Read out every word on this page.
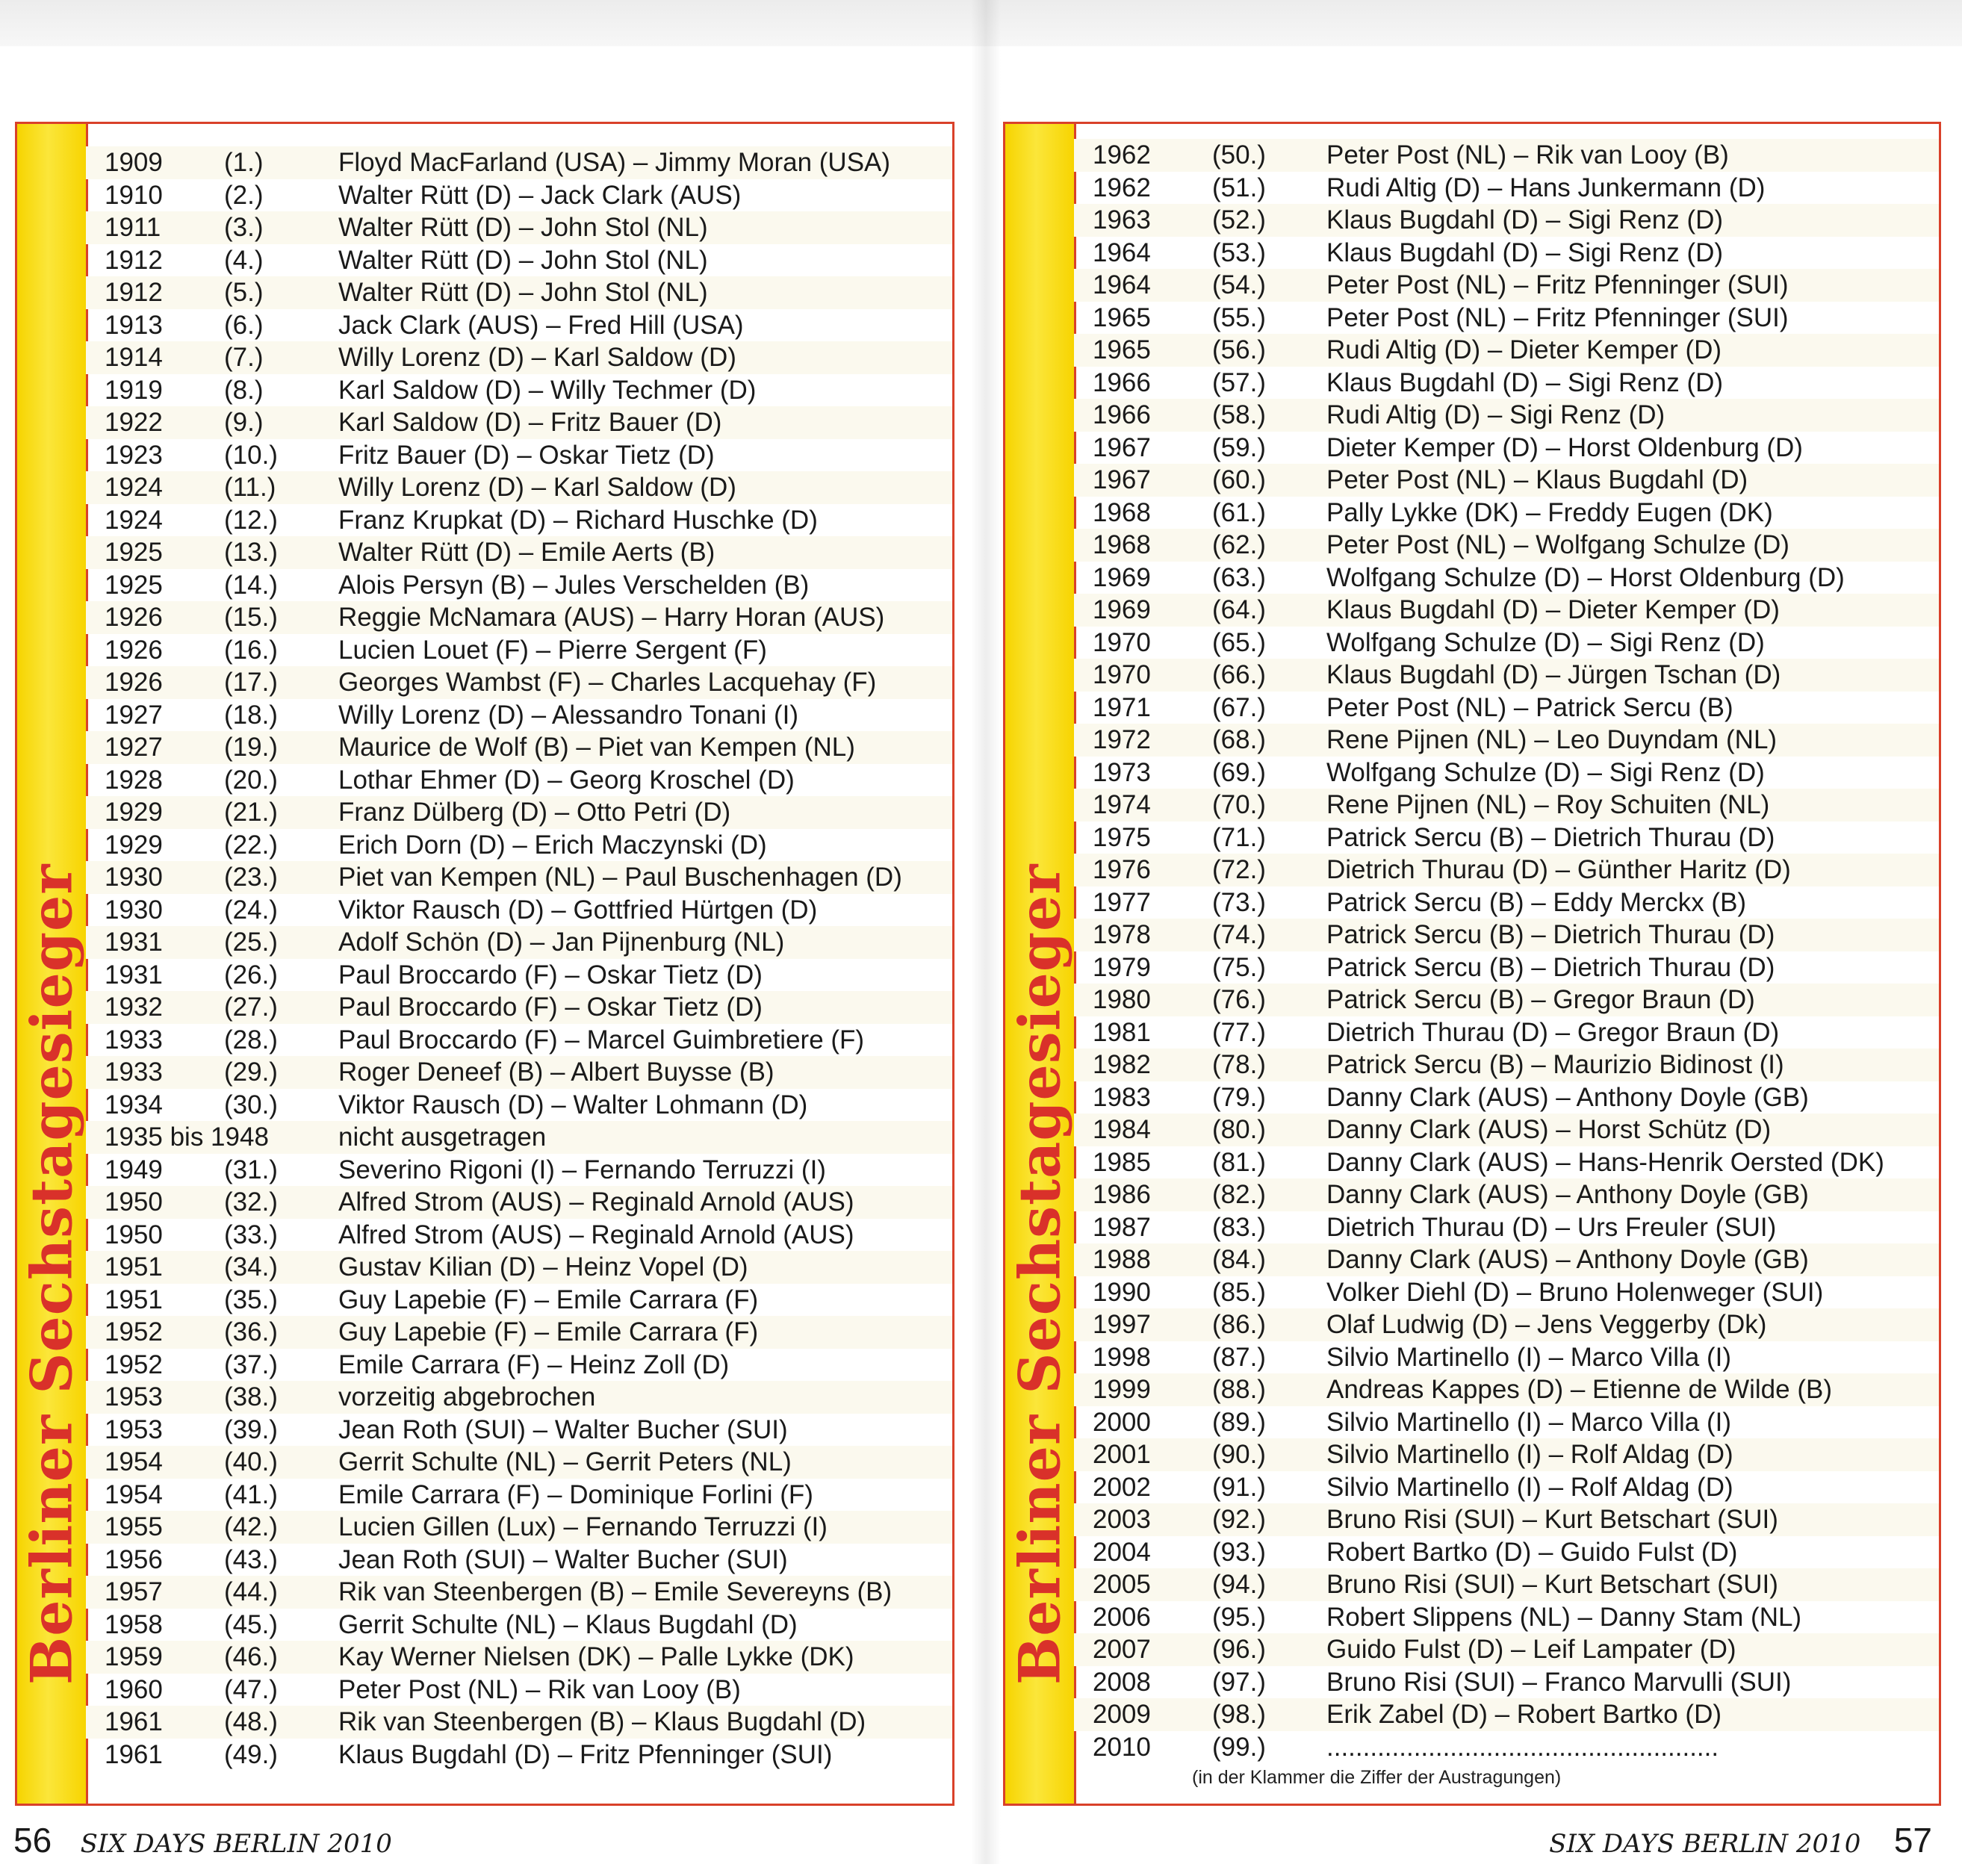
Berliner Sechstagesieger
1909 (1.)	Floyd MacFarland (USA) – Jimmy Moran (USA)
1910 (2.)	Walter Rütt (D) – Jack Clark (AUS)
1911 (3.)	Walter Rütt (D) – John Stol (NL)
1912 (4.)	Walter Rütt (D) – John Stol (NL)
1912 (5.)	Walter Rütt (D) – John Stol (NL)
1913 (6.)	Jack Clark (AUS) – Fred Hill (USA)
1914 (7.)	Willy Lorenz (D) – Karl Saldow (D)
1919 (8.)	Karl Saldow (D) – Willy Techmer (D)
1922 (9.)	Karl Saldow (D) – Fritz Bauer (D)
1923 (10.) Fritz Bauer (D) – Oskar Tietz (D)
1924 (11.) Willy Lorenz (D) – Karl Saldow (D)
1924 (12.) Franz Krupkat (D) – Richard Huschke (D)
1925 (13.) Walter Rütt (D) – Emile Aerts (B)
1925 (14.) Alois Persyn (B) – Jules Verschelden (B)
1926 (15.) Reggie McNamara (AUS) – Harry Horan (AUS)
1926 (16.) Lucien Louet (F) – Pierre Sergent (F)
1926 (17.) Georges Wambst (F) – Charles Lacquehay (F)
1927 (18.) Willy Lorenz (D) – Alessandro Tonani (I)
1927 (19.) Maurice de Wolf (B) – Piet van Kempen (NL)
1928 (20.) Lothar Ehmer (D) – Georg Kroschel (D)
1929 (21.) Franz Dülberg (D) – Otto Petri (D)
1929 (22.) Erich Dorn (D) – Erich Maczynski (D)
1930 (23.) Piet van Kempen (NL) – Paul Buschenhagen (D)
1930 (24.) Viktor Rausch (D) – Gottfried Hürtgen (D)
1931 (25.) Adolf Schön (D) – Jan Pijnenburg (NL)
1931 (26.) Paul Broccardo (F) – Oskar Tietz (D)
1932 (27.) Paul Broccardo (F) – Oskar Tietz (D)
1933 (28.) Paul Broccardo (F) – Marcel Guimbretiere (F)
1933 (29.) Roger Deneef (B) – Albert Buysse (B)
1934 (30.) Viktor Rausch (D) – Walter Lohmann (D)
1935 bis 1948	nicht ausgetragen
1949 (31.) Severino Rigoni (I) – Fernando Terruzzi (I)
1950 (32.) Alfred Strom (AUS) – Reginald Arnold (AUS)
1950 (33.) Alfred Strom (AUS) – Reginald Arnold (AUS)
1951 (34.) Gustav Kilian (D) – Heinz Vopel (D)
1951 (35.) Guy Lapebie (F) – Emile Carrara (F)
1952 (36.) Guy Lapebie (F) – Emile Carrara (F)
1952 (37.) Emile Carrara (F) – Heinz Zoll (D)
1953 (38.) vorzeitig abgebrochen
1953 (39.) Jean Roth (SUI) – Walter Bucher (SUI)
1954 (40.) Gerrit Schulte (NL) – Gerrit Peters (NL)
1954 (41.) Emile Carrara (F) – Dominique Forlini (F)
1955 (42.) Lucien Gillen (Lux) – Fernando Terruzzi (I)
1956 (43.) Jean Roth (SUI) – Walter Bucher (SUI)
1957 (44.) Rik van Steenbergen (B) – Emile Severeyns (B)
1958 (45.) Gerrit Schulte (NL) – Klaus Bugdahl (D)
1959 (46.) Kay Werner Nielsen (DK) – Palle Lykke (DK)
1960 (47.) Peter Post (NL) – Rik van Looy (B)
1961 (48.) Rik van Steenbergen (B) – Klaus Bugdahl (D)
1961 (49.) Klaus Bugdahl (D) – Fritz Pfenninger (SUI)
Berliner Sechstagesieger
1962 (50.) Peter Post (NL) – Rik van Looy (B)
1962 (51.) Rudi Altig (D) – Hans Junkermann (D)
1963 (52.) Klaus Bugdahl (D) – Sigi Renz (D)
1964 (53.) Klaus Bugdahl (D) – Sigi Renz (D)
1964 (54.) Peter Post (NL) – Fritz Pfenninger (SUI)
1965 (55.) Peter Post (NL) – Fritz Pfenninger (SUI)
1965 (56.) Rudi Altig (D) – Dieter Kemper (D)
1966 (57.) Klaus Bugdahl (D) – Sigi Renz (D)
1966 (58.) Rudi Altig (D) – Sigi Renz (D)
1967 (59.) Dieter Kemper (D) – Horst Oldenburg (D)
1967 (60.) Peter Post (NL) – Klaus Bugdahl (D)
1968 (61.) Pally Lykke (DK) – Freddy Eugen (DK)
1968 (62.) Peter Post (NL) – Wolfgang Schulze (D)
1969 (63.) Wolfgang Schulze (D) – Horst Oldenburg (D)
1969 (64.) Klaus Bugdahl (D) – Dieter Kemper (D)
1970 (65.) Wolfgang Schulze (D) – Sigi Renz (D)
1970 (66.) Klaus Bugdahl (D) – Jürgen Tschan (D)
1971 (67.) Peter Post (NL) – Patrick Sercu (B)
1972 (68.) Rene Pijnen (NL) – Leo Duyndam (NL)
1973 (69.) Wolfgang Schulze (D) – Sigi Renz (D)
1974 (70.) Rene Pijnen (NL) – Roy Schuiten (NL)
1975 (71.) Patrick Sercu (B) – Dietrich Thurau (D)
1976 (72.) Dietrich Thurau (D) – Günther Haritz (D)
1977 (73.) Patrick Sercu (B) – Eddy Merckx (B)
1978 (74.) Patrick Sercu (B) – Dietrich Thurau (D)
1979 (75.) Patrick Sercu (B) – Dietrich Thurau (D)
1980 (76.) Patrick Sercu (B) – Gregor Braun (D)
1981 (77.) Dietrich Thurau (D) – Gregor Braun (D)
1982 (78.) Patrick Sercu (B) – Maurizio Bidinost (I)
1983 (79.) Danny Clark (AUS) – Anthony Doyle (GB)
1984 (80.) Danny Clark (AUS) – Horst Schütz (D)
1985 (81.) Danny Clark (AUS) – Hans-Henrik Oersted (DK)
1986 (82.) Danny Clark (AUS) – Anthony Doyle (GB)
1987 (83.) Dietrich Thurau (D) – Urs Freuler (SUI)
1988 (84.) Danny Clark (AUS) – Anthony Doyle (GB)
1990 (85.) Volker Diehl (D) – Bruno Holenweger (SUI)
1997 (86.) Olaf Ludwig (D) – Jens Veggerby (Dk)
1998 (87.) Silvio Martinello (I) – Marco Villa (I)
1999 (88.) Andreas Kappes (D) – Etienne de Wilde (B)
2000 (89.) Silvio Martinello (I) – Marco Villa (I)
2001 (90.) Silvio Martinello (I) – Rolf Aldag (D)
2002 (91.) Silvio Martinello (I) – Rolf Aldag (D)
2003 (92.) Bruno Risi (SUI) – Kurt Betschart (SUI)
2004 (93.) Robert Bartko (D) – Guido Fulst (D)
2005 (94.) Bruno Risi (SUI) – Kurt Betschart (SUI)
2006 (95.) Robert Slippens (NL) – Danny Stam (NL)
2007 (96.) Guido Fulst (D) – Leif Lampater (D)
2008 (97.) Bruno Risi (SUI) – Franco Marvulli (SUI)
2009 (98.) Erik Zabel (D) – Robert Bartko (D)
2010 (99.) ......................................................
(in der Klammer die Ziffer der Austragungen)
56 SIX DAYS BERLIN 2010	SIX DAYS BERLIN 2010 57
